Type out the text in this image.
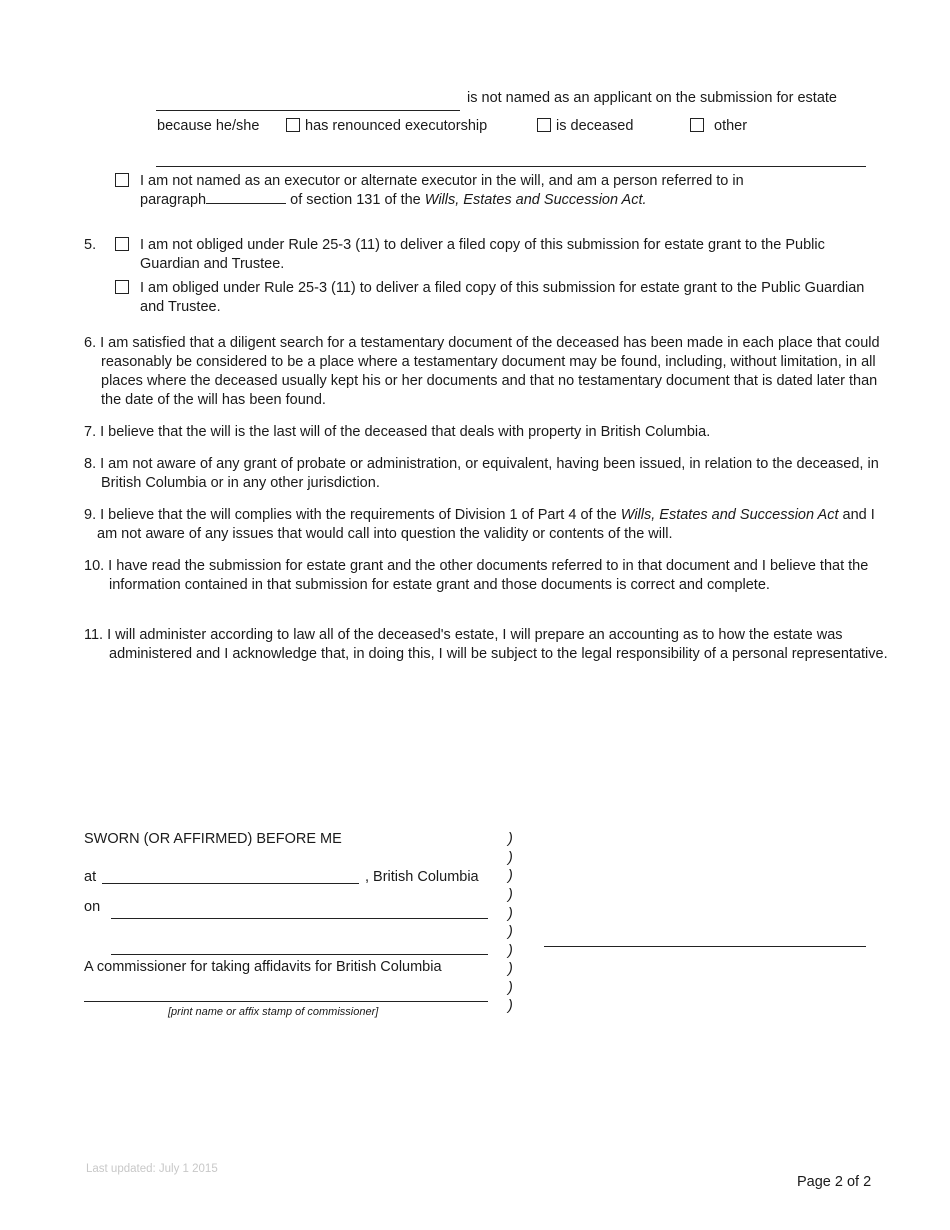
is not named as an applicant on the submission for estate
because he/she	has renounced executorship	is deceased	other
I am not named as an executor or alternate executor in the will, and am a person referred to in
paragraph	of section 131 of the Wills, Estates and Succession Act.
5.	I am not obliged under Rule 25-3 (11) to deliver a filed copy of this submission for estate grant to the Public Guardian and Trustee.
I am obliged under Rule 25-3 (11) to deliver a filed copy of this submission for estate grant to the Public Guardian and Trustee.
6. I am satisfied that a diligent search for a testamentary document of the deceased has been made in each place that could reasonably be considered to be a place where a testamentary document may be found, including, without limitation, in all places where the deceased usually kept his or her documents and that no testamentary document that is dated later than the date of the will has been found.
7. I believe that the will is the last will of the deceased that deals with property in British Columbia.
8. I am not aware of any grant of probate or administration, or equivalent, having been issued, in relation to the deceased, in British Columbia or in any other jurisdiction.
9. I believe that the will complies with the requirements of Division 1 of Part 4 of the Wills, Estates and Succession Act and I am not aware of any issues that would call into question the validity or contents of the will.
10. I have read the submission for estate grant and the other documents referred to in that document and I believe that the information contained in that submission for estate grant and those documents is correct and complete.
11. I will administer according to law all of the deceased's estate, I will prepare an accounting as to how the estate was administered and I acknowledge that, in doing this, I will be subject to the legal responsibility of a personal representative.
SWORN (OR AFFIRMED) BEFORE ME
at	, British Columbia
on
A commissioner for taking affidavits for British Columbia
[print name or affix stamp of commissioner]
)
)
)
)
)
)
)
)
)
)
Last updated: July 1 2015
Page 2 of 2
